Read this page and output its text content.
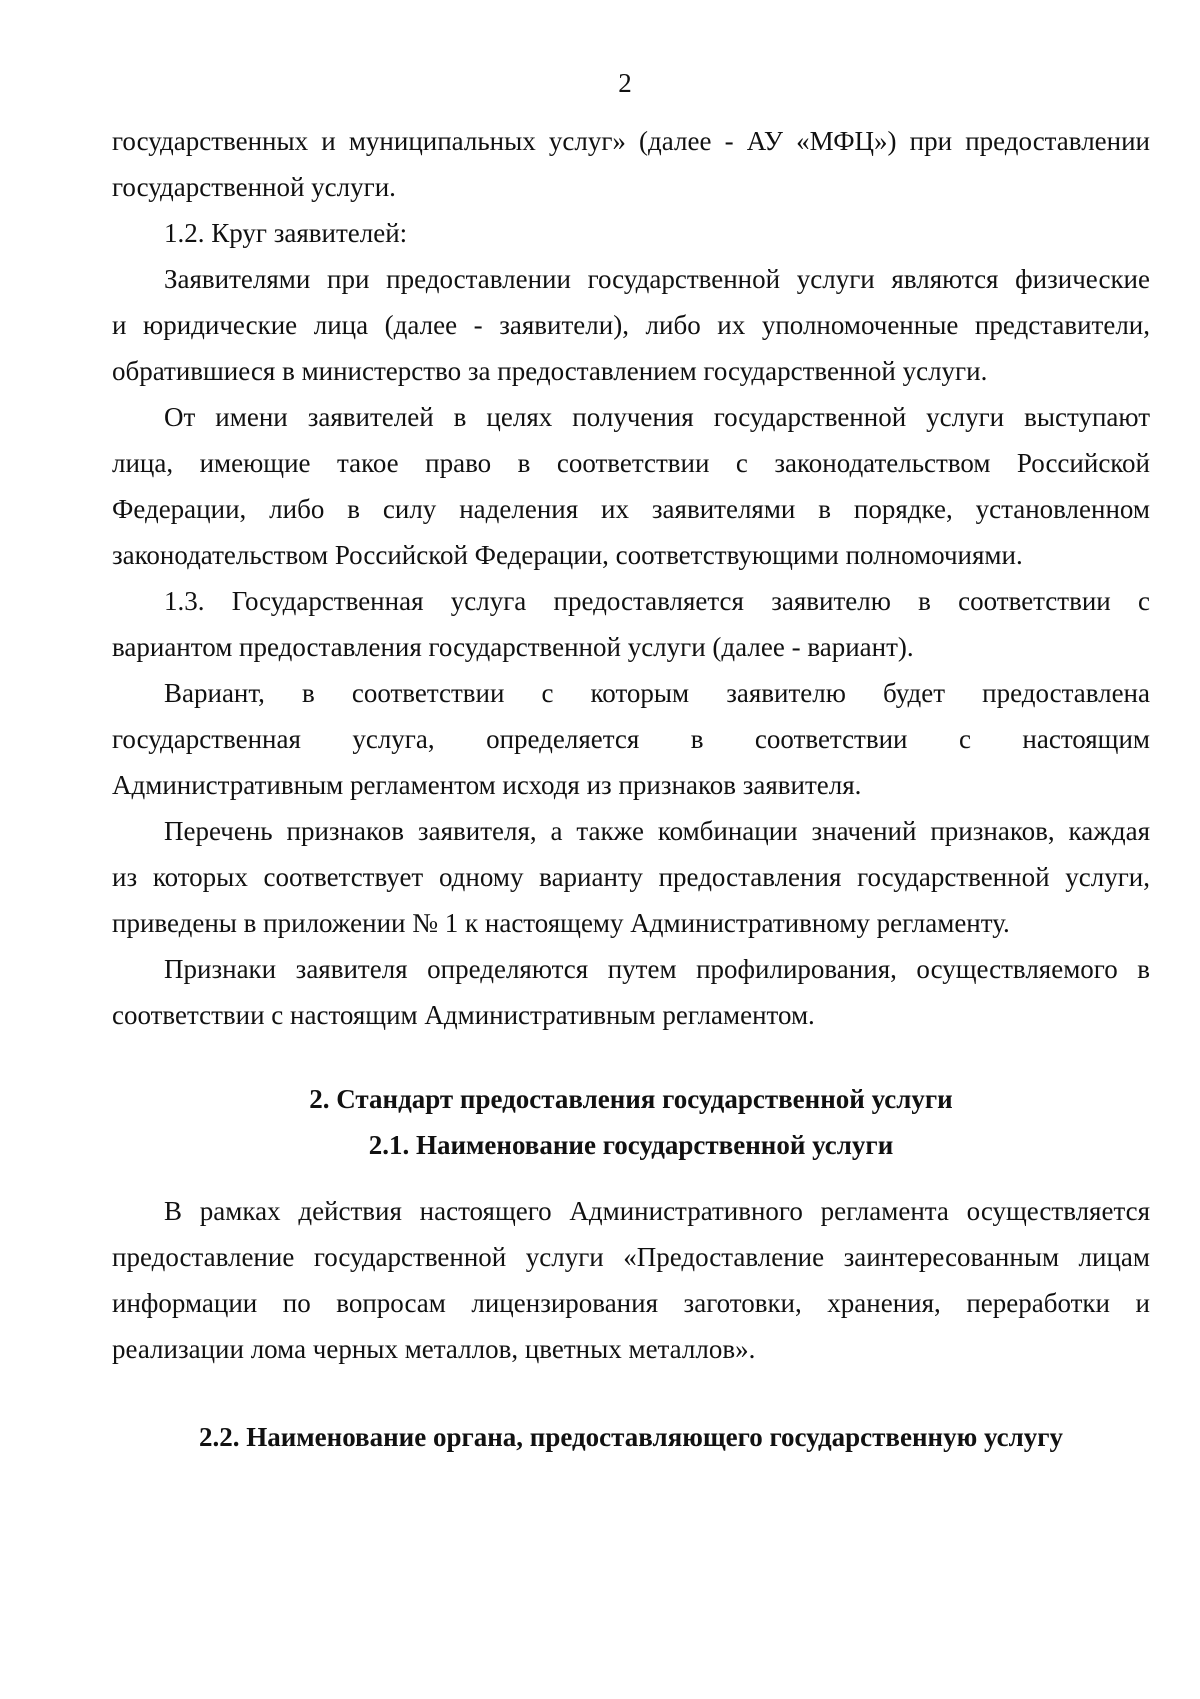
2
государственных и муниципальных услуг» (далее - АУ «МФЦ») при предоставлении
государственной услуги.
1.2. Круг заявителей:
Заявителями при предоставлении государственной услуги являются физические
и юридические лица (далее - заявители), либо их уполномоченные представители,
обратившиеся в министерство за предоставлением государственной услуги.
От имени заявителей в целях получения государственной услуги выступают
лица, имеющие такое право в соответствии с законодательством Российской
Федерации, либо в силу наделения их заявителями в порядке, установленном
законодательством Российской Федерации, соответствующими полномочиями.
1.3. Государственная услуга предоставляется заявителю в соответствии с
вариантом предоставления государственной услуги (далее - вариант).
Вариант, в соответствии с которым заявителю будет предоставлена
государственная услуга, определяется в соответствии с настоящим
Административным регламентом исходя из признаков заявителя.
Перечень признаков заявителя, а также комбинации значений признаков, каждая
из которых соответствует одному варианту предоставления государственной услуги,
приведены в приложении № 1 к настоящему Административному регламенту.
Признаки заявителя определяются путем профилирования, осуществляемого в
соответствии с настоящим Административным регламентом.
2. Стандарт предоставления государственной услуги
2.1. Наименование государственной услуги
В рамках действия настоящего Административного регламента осуществляется
предоставление государственной услуги «Предоставление заинтересованным лицам
информации по вопросам лицензирования заготовки, хранения, переработки и
реализации лома черных металлов, цветных металлов».
2.2. Наименование органа, предоставляющего государственную услугу
